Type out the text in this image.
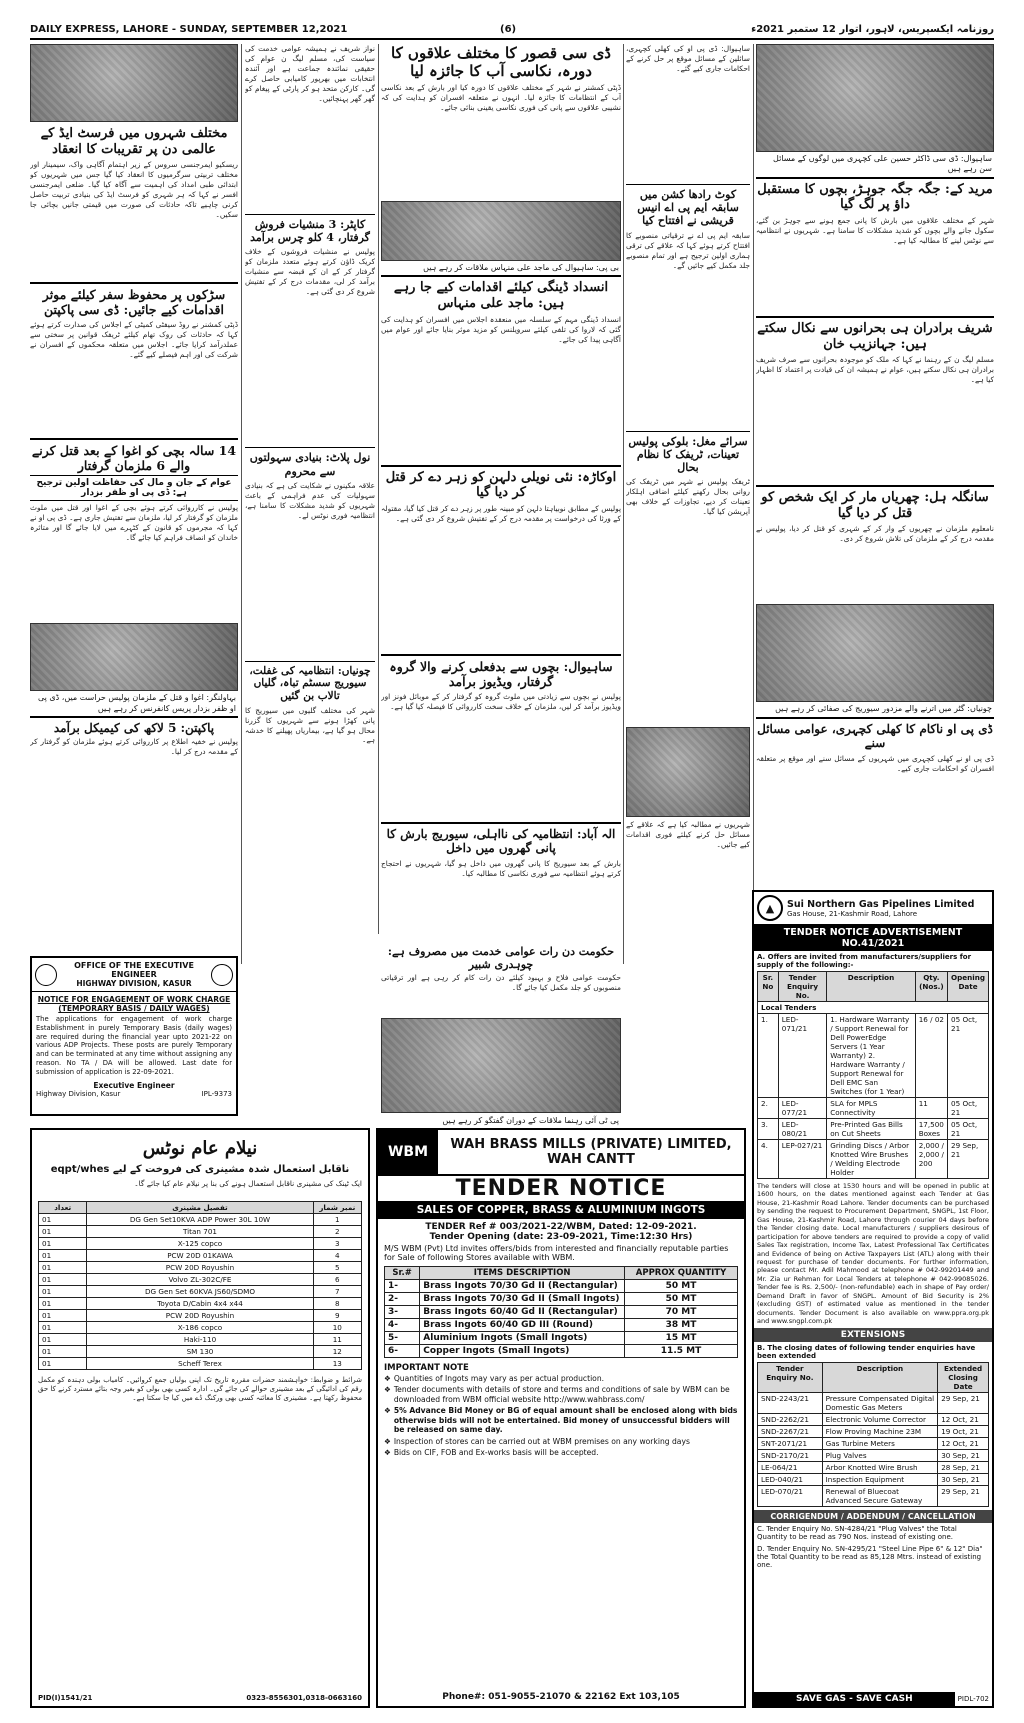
DAILY EXPRESS, LAHORE - SUNDAY, SEPTEMBER 12,2021	(6)	روزنامہ ایکسپریس، لاہور، اتوار 12 ستمبر 2021ء
مختلف شہروں میں فرسٹ ایڈ کے عالمی دن پر تقریبات کا انعقاد
ریسکیو ایمرجنسی سروس کے زیر اہتمام آگاہی واک، سیمینار اور مختلف تربیتی سرگرمیوں کا انعقاد کیا گیا جس میں شہریوں کو ابتدائی طبی امداد کی اہمیت سے آگاہ کیا گیا۔ ضلعی ایمرجنسی افسر نے کہا کہ ہر شہری کو فرسٹ ایڈ کی بنیادی تربیت حاصل کرنی چاہیے تاکہ حادثات کی صورت میں قیمتی جانیں بچائی جا سکیں۔
سڑکوں پر محفوظ سفر کیلئے موثر اقدامات کیے جائیں: ڈی سی پاکپتن
ڈپٹی کمشنر نے روڈ سیفٹی کمیٹی کے اجلاس کی صدارت کرتے ہوئے کہا کہ حادثات کی روک تھام کیلئے ٹریفک قوانین پر سختی سے عملدرآمد کرایا جائے۔ اجلاس میں متعلقہ محکموں کے افسران نے شرکت کی اور اہم فیصلے کیے گئے۔
14 سالہ بچی کو اغوا کے بعد قتل کرنے والے 6 ملزمان گرفتار
عوام کے جان و مال کی حفاظت اولین ترجیح ہے: ڈی پی او ظفر بزدار
پولیس نے کارروائی کرتے ہوئے بچی کے اغوا اور قتل میں ملوث ملزمان کو گرفتار کر لیا، ملزمان سے تفتیش جاری ہے۔ ڈی پی او نے کہا کہ مجرموں کو قانون کے کٹہرے میں لایا جائے گا اور متاثرہ خاندان کو انصاف فراہم کیا جائے گا۔
بہاولنگر: اغوا و قتل کے ملزمان پولیس حراست میں، ڈی پی او ظفر بزدار پریس کانفرنس کر رہے ہیں
پاکپتن: 5 لاکھ کی کیمیکل برآمد
پولیس نے خفیہ اطلاع پر کارروائی کرتے ہوئے ملزمان کو گرفتار کر کے مقدمہ درج کر لیا۔
OFFICE OF THE EXECUTIVE ENGINEER
HIGHWAY DIVISION, KASUR
NOTICE FOR ENGAGEMENT OF WORK CHARGE
(TEMPORARY BASIS / DAILY WAGES)
The applications for engagement of work charge Establishment in purely Temporary Basis (daily wages) are required during the financial year upto 2021-22 on various ADP Projects. These posts are purely Temporary and can be terminated at any time without assigning any reason. No TA / DA will be allowed. Last date for submission of application is 22-09-2021.
Executive Engineer
Highway Division, Kasur	IPL-9373
نواز شریف نے ہمیشہ عوامی خدمت کی سیاست کی، مسلم لیگ ن عوام کی حقیقی نمائندہ جماعت ہے اور آئندہ انتخابات میں بھرپور کامیابی حاصل کرے گی۔ کارکن متحد ہو کر پارٹی کے پیغام کو گھر گھر پہنچائیں۔
کاپٹر: 3 منشیات فروش گرفتار، 4 کلو چرس برآمد
پولیس نے منشیات فروشوں کے خلاف کریک ڈاؤن کرتے ہوئے متعدد ملزمان کو گرفتار کر کے ان کے قبضہ سے منشیات برآمد کر لی، مقدمات درج کر کے تفتیش شروع کر دی گئی ہے۔
نول پلاٹ: بنیادی سہولتوں سے محروم
علاقہ مکینوں نے شکایت کی ہے کہ بنیادی سہولیات کی عدم فراہمی کے باعث شہریوں کو شدید مشکلات کا سامنا ہے، انتظامیہ فوری نوٹس لے۔
چونیاں: انتظامیہ کی غفلت، سیوریج سسٹم تباہ، گلیاں تالاب بن گئیں
شہر کی مختلف گلیوں میں سیوریج کا پانی کھڑا ہونے سے شہریوں کا گزرنا محال ہو گیا ہے، بیماریاں پھیلنے کا خدشہ ہے۔
ڈی سی قصور کا مختلف علاقوں کا دورہ، نکاسی آب کا جائزہ لیا
ڈپٹی کمشنر نے شہر کے مختلف علاقوں کا دورہ کیا اور بارش کے بعد نکاسی آب کے انتظامات کا جائزہ لیا۔ انہوں نے متعلقہ افسران کو ہدایت کی کہ نشیبی علاقوں سے پانی کی فوری نکاسی یقینی بنائی جائے۔
بی پی: ساہیوال کی ماجد علی منہاس ملاقات کر رہے ہیں
انسداد ڈینگی کیلئے اقدامات کیے جا رہے ہیں: ماجد علی منہاس
انسداد ڈینگی مہم کے سلسلہ میں منعقدہ اجلاس میں افسران کو ہدایت کی گئی کہ لاروا کی تلفی کیلئے سرویلنس کو مزید موثر بنایا جائے اور عوام میں آگاہی پیدا کی جائے۔
اوکاڑہ: نئی نویلی دلہن کو زہر دے کر قتل کر دیا گیا
پولیس کے مطابق نوبیاہتا دلہن کو مبینہ طور پر زہر دے کر قتل کیا گیا، مقتولہ کے ورثا کی درخواست پر مقدمہ درج کر کے تفتیش شروع کر دی گئی ہے۔
ساہیوال: بچوں سے بدفعلی کرنے والا گروہ گرفتار، ویڈیوز برآمد
پولیس نے بچوں سے زیادتی میں ملوث گروہ کو گرفتار کر کے موبائل فونز اور ویڈیوز برآمد کر لیں، ملزمان کے خلاف سخت کارروائی کا فیصلہ کیا گیا ہے۔
الہ آباد: انتظامیہ کی نااہلی، سیوریج بارش کا پانی گھروں میں داخل
بارش کے بعد سیوریج کا پانی گھروں میں داخل ہو گیا، شہریوں نے احتجاج کرتے ہوئے انتظامیہ سے فوری نکاسی کا مطالبہ کیا۔
ساہیوال: ڈی پی او کی کھلی کچہری، سائلین کے مسائل موقع پر حل کرنے کے احکامات جاری کیے گئے۔
کوٹ رادھا کشن میں سابقہ ایم پی اے انیس قریشی نے افتتاح کیا
سابقہ ایم پی اے نے ترقیاتی منصوبے کا افتتاح کرتے ہوئے کہا کہ علاقے کی ترقی ہماری اولین ترجیح ہے اور تمام منصوبے جلد مکمل کیے جائیں گے۔
سرائے مغل: بلوکی پولیس تعینات، ٹریفک کا نظام بحال
ٹریفک پولیس نے شہر میں ٹریفک کی روانی بحال رکھنے کیلئے اضافی اہلکار تعینات کر دیے، تجاوزات کے خلاف بھی آپریشن کیا گیا۔
شہریوں نے مطالبہ کیا ہے کہ علاقے کے مسائل حل کرنے کیلئے فوری اقدامات کیے جائیں۔
ساہیوال: ڈی سی ڈاکٹر حسین علی کچہری میں لوگوں کے مسائل سن رہے ہیں
مرید کے: جگہ جگہ جوہڑ، بچوں کا مستقبل داؤ پر لگ گیا
شہر کے مختلف علاقوں میں بارش کا پانی جمع ہونے سے جوہڑ بن گئے، سکول جانے والے بچوں کو شدید مشکلات کا سامنا ہے۔ شہریوں نے انتظامیہ سے نوٹس لینے کا مطالبہ کیا ہے۔
شریف برادران ہی بحرانوں سے نکال سکتے ہیں: جہانزیب خان
مسلم لیگ ن کے رہنما نے کہا کہ ملک کو موجودہ بحرانوں سے صرف شریف برادران ہی نکال سکتے ہیں، عوام نے ہمیشہ ان کی قیادت پر اعتماد کا اظہار کیا ہے۔
سانگلہ ہل: چھریاں مار کر ایک شخص کو قتل کر دیا گیا
نامعلوم ملزمان نے چھریوں کے وار کر کے شہری کو قتل کر دیا، پولیس نے مقدمہ درج کر کے ملزمان کی تلاش شروع کر دی۔
چونیاں: گٹر میں اترنے والے مزدور سیوریج کی صفائی کر رہے ہیں
ڈی پی او ناکام کا کھلی کچہری، عوامی مسائل سنے
ڈی پی او نے کھلی کچہری میں شہریوں کے مسائل سنے اور موقع پر متعلقہ افسران کو احکامات جاری کیے۔
حکومت دن رات عوامی خدمت میں مصروف ہے: چوہدری شبیر
حکومت عوامی فلاح و بہبود کیلئے دن رات کام کر رہی ہے اور ترقیاتی منصوبوں کو جلد مکمل کیا جائے گا۔
پی ٹی آئی رہنما ملاقات کے دوران گفتگو کر رہے ہیں
نیلام عام نوٹس
ناقابل استعمال شدہ مشینری کی فروخت کے لیے eqpt/whes
ایک ٹینک کی مشینری ناقابل استعمال ہونے کی بنا پر نیلام عام کیا جائے گا۔
تعداد	تفصیل مشینری	نمبر شمار
01	DG Gen Set10KVA ADP Power 30L 10W	1
01	Titan 701	2
01	X-125 copco	3
01	PCW 20D 01KAWA	4
01	PCW 20D Royushin	5
01	Volvo ZL-302C/FE	6
01	DG Gen Set 60KVA JS60/SDMO	7
01	Toyota D/Cabin 4x4 x44	8
01	PCW 20D Royushin	9
01	X-186 copco	10
01	Haki-110	11
01	SM 130	12
01	Scheff Terex	13
شرائط و ضوابط: خواہشمند حضرات مقررہ تاریخ تک اپنی بولیاں جمع کروائیں۔ کامیاب بولی دہندہ کو مکمل رقم کی ادائیگی کے بعد مشینری حوالے کی جائے گی۔ ادارہ کسی بھی بولی کو بغیر وجہ بتائے مسترد کرنے کا حق محفوظ رکھتا ہے۔ مشینری کا معائنہ کسی بھی ورکنگ ڈے میں کیا جا سکتا ہے۔
PID(I)1541/21	0323-8556301,0318-0663160
WBM	WAH BRASS MILLS (PRIVATE) LIMITED,
WAH CANTT
TENDER NOTICE
SALES OF COPPER, BRASS & ALUMINIUM INGOTS
TENDER Ref # 003/2021-22/WBM, Dated: 12-09-2021.
Tender Opening (date: 23-09-2021, Time:12:30 Hrs)
M/S WBM (Pvt) Ltd invites offers/bids from interested and financially reputable parties for Sale of following Stores available with WBM.
Sr.#	ITEMS DESCRIPTION	APPROX QUANTITY
1-	Brass Ingots 70/30 Gd II (Rectangular)	50 MT
2-	Brass Ingots 70/30 Gd II (Small Ingots)	50 MT
3-	Brass Ingots 60/40 Gd II (Rectangular)	70 MT
4-	Brass Ingots 60/40 GD III (Round)	38 MT
5-	Aluminium Ingots (Small Ingots)	15 MT
6-	Copper Ingots (Small Ingots)	11.5 MT
IMPORTANT NOTE
❖ Quantities of Ingots may vary as per actual production.
❖ Tender documents with details of store and terms and conditions of sale by WBM can be downloaded from WBM official website http://www.wahbrass.com/
❖ 5% Advance Bid Money or BG of equal amount shall be enclosed along with bids otherwise bids will not be entertained. Bid money of unsuccessful bidders will be released on same day.
❖ Inspection of stores can be carried out at WBM premises on any working days
❖ Bids on CIF, FOB and Ex-works basis will be accepted.
Phone#: 051-9055-21070 & 22162 Ext 103,105
▲	Sui Northern Gas Pipelines Limited
Gas House, 21-Kashmir Road, Lahore
TENDER NOTICE ADVERTISEMENT NO.41/2021
A. Offers are invited from manufacturers/suppliers for supply of the following:-
Sr. No	Tender Enquiry No.	Description	Qty. (Nos.)	Opening Date
Local Tenders				
1.	LED-071/21	1. Hardware Warranty / Support Renewal for Dell PowerEdge Servers (1 Year Warranty) 2. Hardware Warranty / Support Renewal for Dell EMC San Switches (for 1 Year)	16 / 02	05 Oct, 21
2.	LED-077/21	SLA for MPLS Connectivity	11	05 Oct, 21
3.	LED-080/21	Pre-Printed Gas Bills on Cut Sheets	17,500 Boxes	05 Oct, 21
4.	LEP-027/21	Grinding Discs / Arbor Knotted Wire Brushes / Welding Electrode Holder	2,000 / 2,000 / 200	29 Sep, 21
The tenders will close at 1530 hours and will be opened in public at 1600 hours, on the dates mentioned against each Tender at Gas House, 21-Kashmir Road Lahore. Tender documents can be purchased by sending the request to Procurement Department, SNGPL, 1st Floor, Gas House, 21-Kashmir Road, Lahore through courier 04 days before the Tender closing date. Local manufacturers / suppliers desirous of participation for above tenders are required to provide a copy of valid Sales Tax registration, Income Tax, Latest Professional Tax Certificates and Evidence of being on Active Taxpayers List (ATL) along with their request for purchase of tender documents. For further information, please contact Mr. Adil Mahmood at telephone # 042-99201449 and Mr. Zia ur Rehman for Local Tenders at telephone # 042-99085026. Tender fee is Rs. 2,500/- (non-refundable) each in shape of Pay order/ Demand Draft in favor of SNGPL. Amount of Bid Security is 2% (excluding GST) of estimated value as mentioned in the tender documents. Tender Document is also available on www.ppra.org.pk and www.sngpl.com.pk
EXTENSIONS
B. The closing dates of following tender enquiries have been extended
Tender Enquiry No.	Description	Extended Closing Date
SND-2243/21	Pressure Compensated Digital Domestic Gas Meters	29 Sep, 21
SND-2262/21	Electronic Volume Corrector	12 Oct, 21
SND-2267/21	Flow Proving Machine 23M	19 Oct, 21
SNT-2071/21	Gas Turbine Meters	12 Oct, 21
SND-2170/21	Plug Valves	30 Sep, 21
LE-064/21	Arbor Knotted Wire Brush	28 Sep, 21
LED-040/21	Inspection Equipment	30 Sep, 21
LED-070/21	Renewal of Bluecoat Advanced Secure Gateway	29 Sep, 21
CORRIGENDUM / ADDENDUM / CANCELLATION
C. Tender Enquiry No. SN-4284/21 "Plug Valves" the Total Quantity to be read as 790 Nos. instead of existing one.
D. Tender Enquiry No. SN-4295/21 "Steel Line Pipe 6" & 12" Dia" the Total Quantity to be read as 85,128 Mtrs. instead of existing one.
SAVE GAS - SAVE CASH	PIDL-702
